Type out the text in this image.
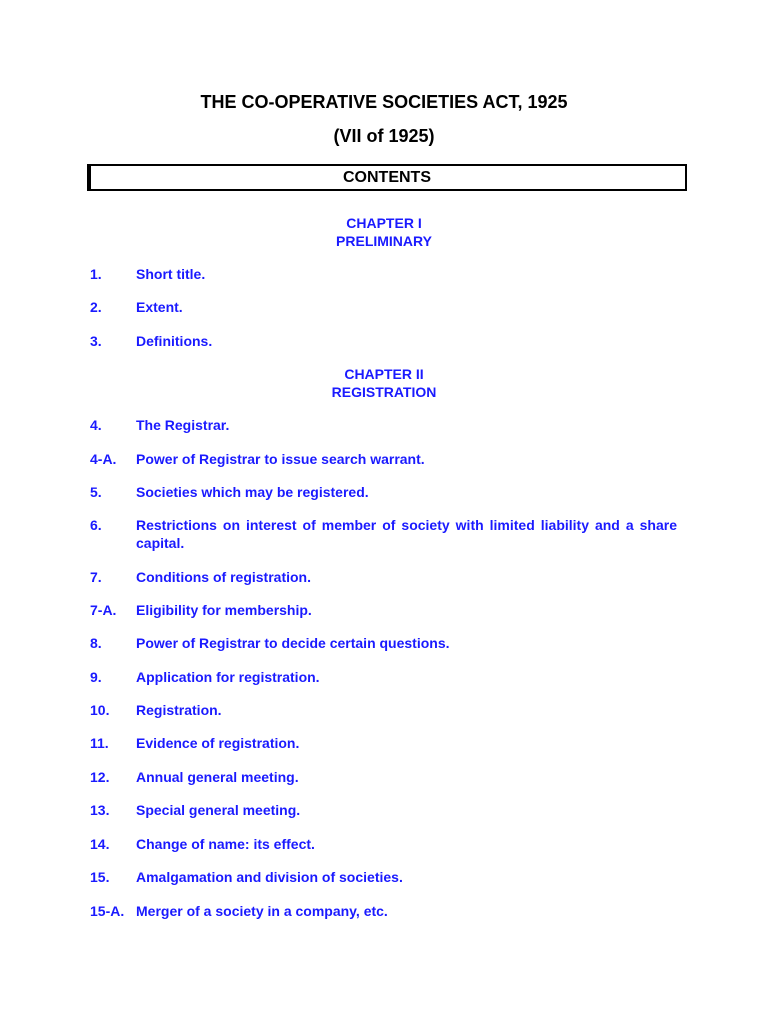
THE CO-OPERATIVE SOCIETIES ACT, 1925
(VII of 1925)
CONTENTS
CHAPTER I
PRELIMINARY
1. Short title.
2. Extent.
3. Definitions.
CHAPTER II
REGISTRATION
4. The Registrar.
4-A. Power of Registrar to issue search warrant.
5. Societies which may be registered.
6. Restrictions on interest of member of society with limited liability and a share capital.
7. Conditions of registration.
7-A. Eligibility for membership.
8. Power of Registrar to decide certain questions.
9. Application for registration.
10. Registration.
11. Evidence of registration.
12. Annual general meeting.
13. Special general meeting.
14. Change of name: its effect.
15. Amalgamation and division of societies.
15-A. Merger of a society in a company, etc.
